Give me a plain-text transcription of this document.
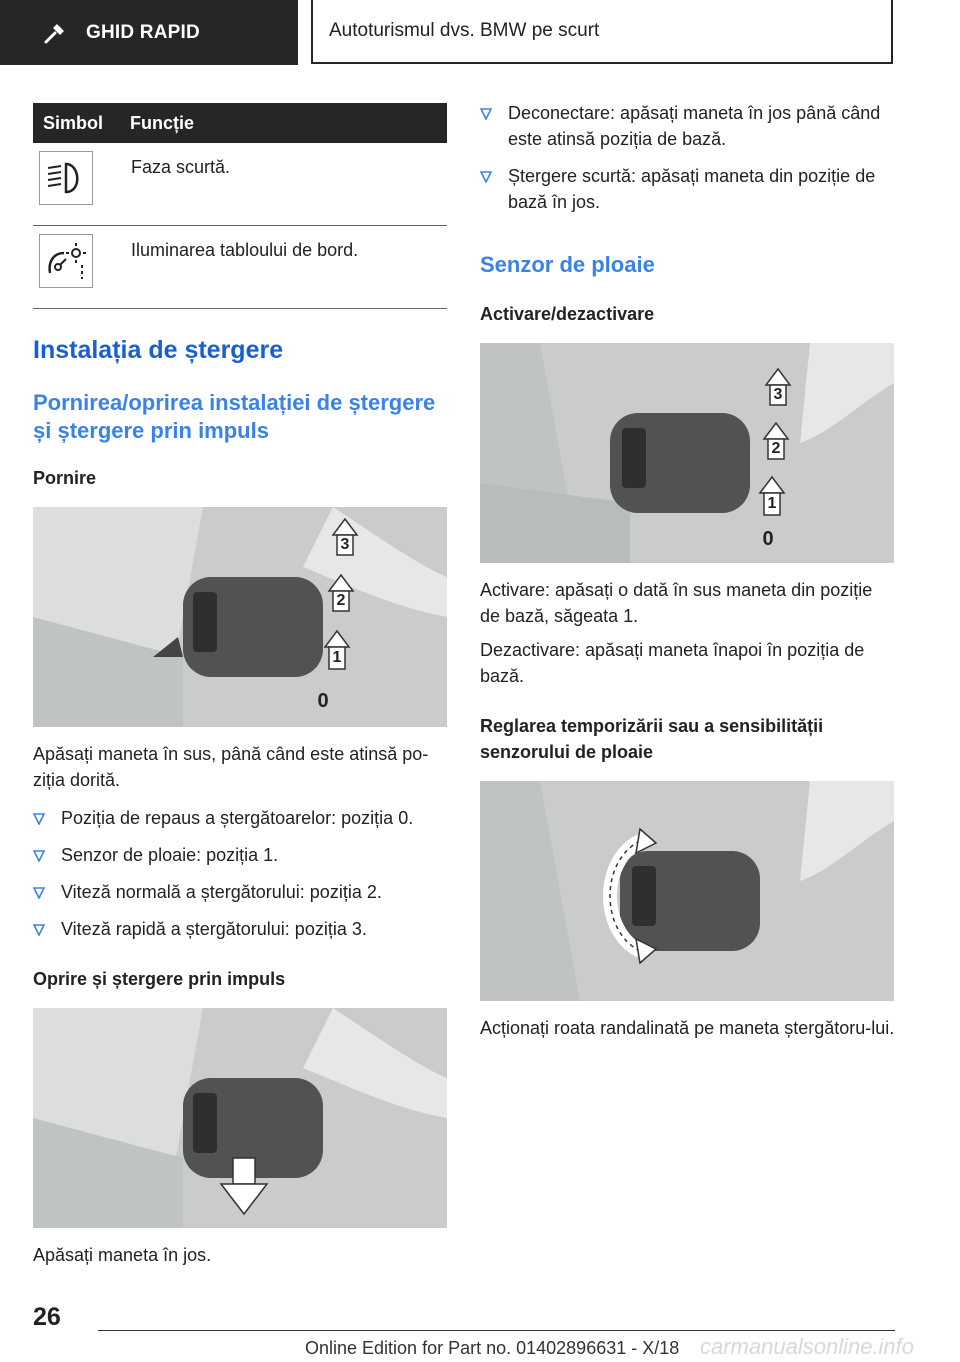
GHID RAPID	Autoturismul dvs. BMW pe scurt
Simbol	Funcție

	Faza scurtă.

	Iluminarea tabloului de bord.
Instalația de ștergere
Pornirea/oprirea instalației de ștergere și ștergere prin impuls
Pornire
3
2
1
0

Apăsați maneta în sus, până când este atinsă po-ziția dorită.

Poziția de repaus a ștergătoarelor: poziția 0.
Senzor de ploaie: poziția 1.
Viteză normală a ștergătorului: poziția 2.
Viteză rapidă a ștergătorului: poziția 3.
Oprire și ștergere prin impuls

Apăsați maneta în jos.

Deconectare: apăsați maneta în jos până când este atinsă poziția de bază.
Ștergere scurtă: apăsați maneta din poziție de bază în jos.
Senzor de ploaie
Activare/dezactivare
3
2
1
0

Activare: apăsați o dată în sus maneta din poziție de bază, săgeata 1.

Dezactivare: apăsați maneta înapoi în poziția de bază.

Reglarea temporizării sau a sensibilității senzorului de ploaie

Acționați roata randalinată pe maneta ștergătoru-lui.

26
carmanualsonline.info
Online Edition for Part no. 01402896631 - X/18
